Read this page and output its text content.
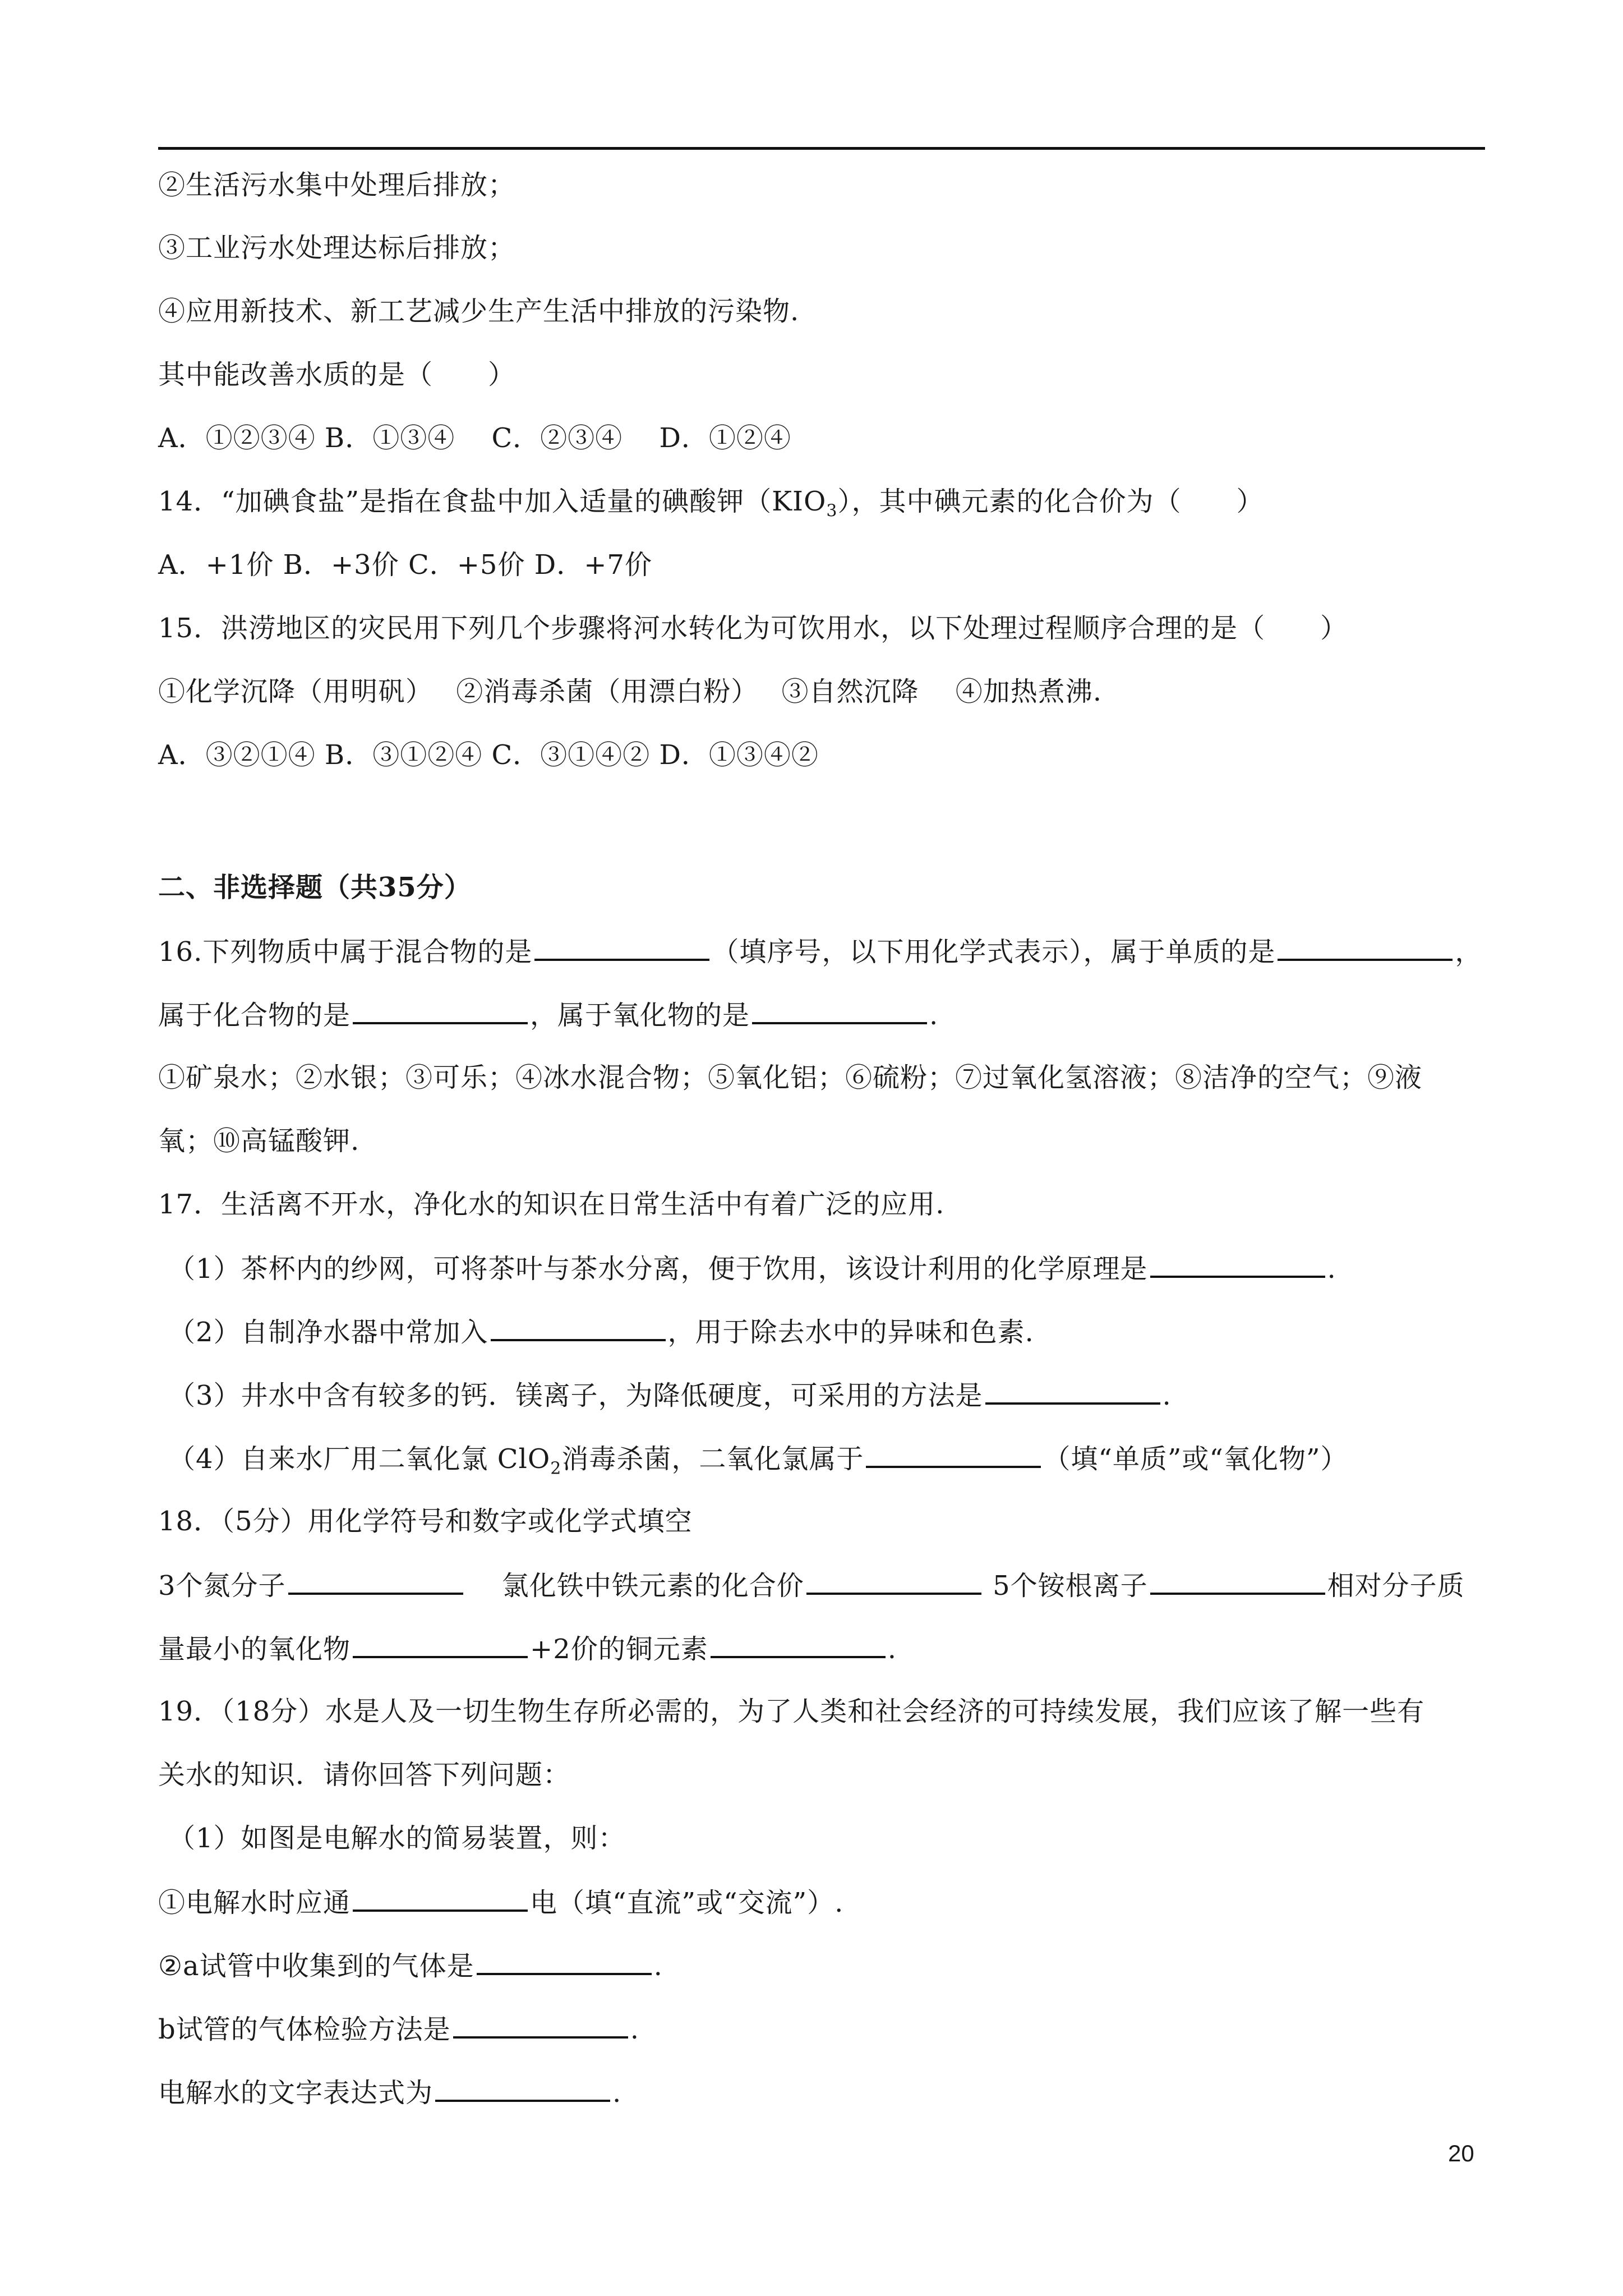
②生活污水集中处理后排放；
③工业污水处理达标后排放；
④应用新技术、新工艺减少生产生活中排放的污染物.
其中能改善水质的是（　　）
A．①②③④ B．①③④　 C．②③④　 D．①②④
14．“加碘食盐”是指在食盐中加入适量的碘酸钾$(KIO_3)$，其中碘元素的化合价为（　　）
A．+1价 B．+3价 C．+5价 D．+7价
15．洪涝地区的灾民用下列几个步骤将河水转化为可饮用水，以下处理过程顺序合理的是（　　）
①化学沉降（用明矾）　 ②消毒杀菌（用漂白粉）　 ③自然沉降　 ④加热煮沸.
A．③②①④ B．③①②④ C．③①④② D．①③④②
二、非选择题（共35分）
16.下列物质中属于混合物的是	（填序号，以下用化学式表示），属于单质的是	，
属于化合物的是	，属于氧化物的是	.
①矿泉水；②水银；③可乐；④冰水混合物；⑤氧化铝；⑥硫粉；⑦过氧化氢溶液；⑧洁净的空气；⑨液
氧；⑩高锰酸钾.
17．生活离不开水，净化水的知识在日常生活中有着广泛的应用.
（1）茶杯内的纱网，可将茶叶与茶水分离，便于饮用，该设计利用的化学原理是	.
（2）自制净水器中常加入	，用于除去水中的异味和色素.
（3）井水中含有较多的钙．镁离子，为降低硬度，可采用的方法是	.
（4）自来水厂用二氧化氯 ClO$_2$消毒杀菌，二氧化氯属于	（填“单质”或“氧化物”）
18．（5分）用化学符号和数字或化学式填空
3个氮分子	　 氯化铁中铁元素的化合价	5个铵根离子	相对分子质
量最小的氧化物	+2价的铜元素	.
19．（18分）水是人及一切生物生存所必需的，为了人类和社会经济的可持续发展，我们应该了解一些有
关水的知识．请你回答下列问题：
（1）如图是电解水的简易装置，则：
①电解水时应通	电（填“直流”或“交流”）.
②a试管中收集到的气体是	.
b试管的气体检验方法是	.
电解水的文字表达式为	.
20
